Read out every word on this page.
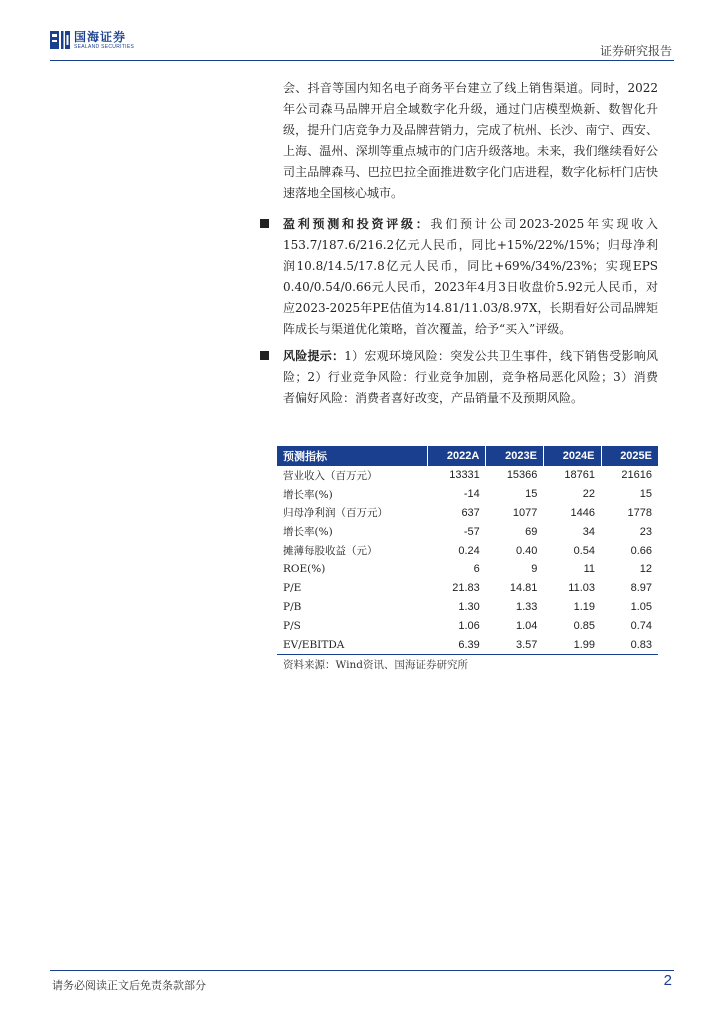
国海证券
SEALAND SECURITIES	证券研究报告
会、抖音等国内知名电子商务平台建立了线上销售渠道。同时，2022年公司森马品牌开启全域数字化升级，通过门店模型焕新、数智化升级，提升门店竞争力及品牌营销力，完成了杭州、长沙、南宁、西安、上海、温州、深圳等重点城市的门店升级落地。未来，我们继续看好公司主品牌森马、巴拉巴拉全面推进数字化门店进程，数字化标杆门店快速落地全国核心城市。
盈利预测和投资评级：我们预计公司2023-2025年实现收入153.7/187.6/216.2亿元人民币，同比+15%/22%/15%；归母净利润10.8/14.5/17.8亿元人民币，同比+69%/34%/23%；实现EPS 0.40/0.54/0.66元人民币，2023年4月3日收盘价5.92元人民币，对应2023-2025年PE估值为14.81/11.03/8.97X，长期看好公司品牌矩阵成长与渠道优化策略，首次覆盖，给予“买入”评级。
风险提示：1）宏观环境风险：突发公共卫生事件，线下销售受影响风险；2）行业竞争风险：行业竞争加剧，竞争格局恶化风险；3）消费者偏好风险：消费者喜好改变，产品销量不及预期风险。
预测指标	2022A	2023E	2024E	2025E
营业收入（百万元）	13331	15366	18761	21616
增长率(%)	-14	15	22	15
归母净利润（百万元）	637	1077	1446	1778
增长率(%)	-57	69	34	23
摊薄每股收益（元）	0.24	0.40	0.54	0.66
ROE(%)	6	9	11	12
P/E	21.83	14.81	11.03	8.97
P/B	1.30	1.33	1.19	1.05
P/S	1.06	1.04	0.85	0.74
EV/EBITDA	6.39	3.57	1.99	0.83
资料来源：Wind资讯、国海证券研究所
请务必阅读正文后免责条款部分	2
